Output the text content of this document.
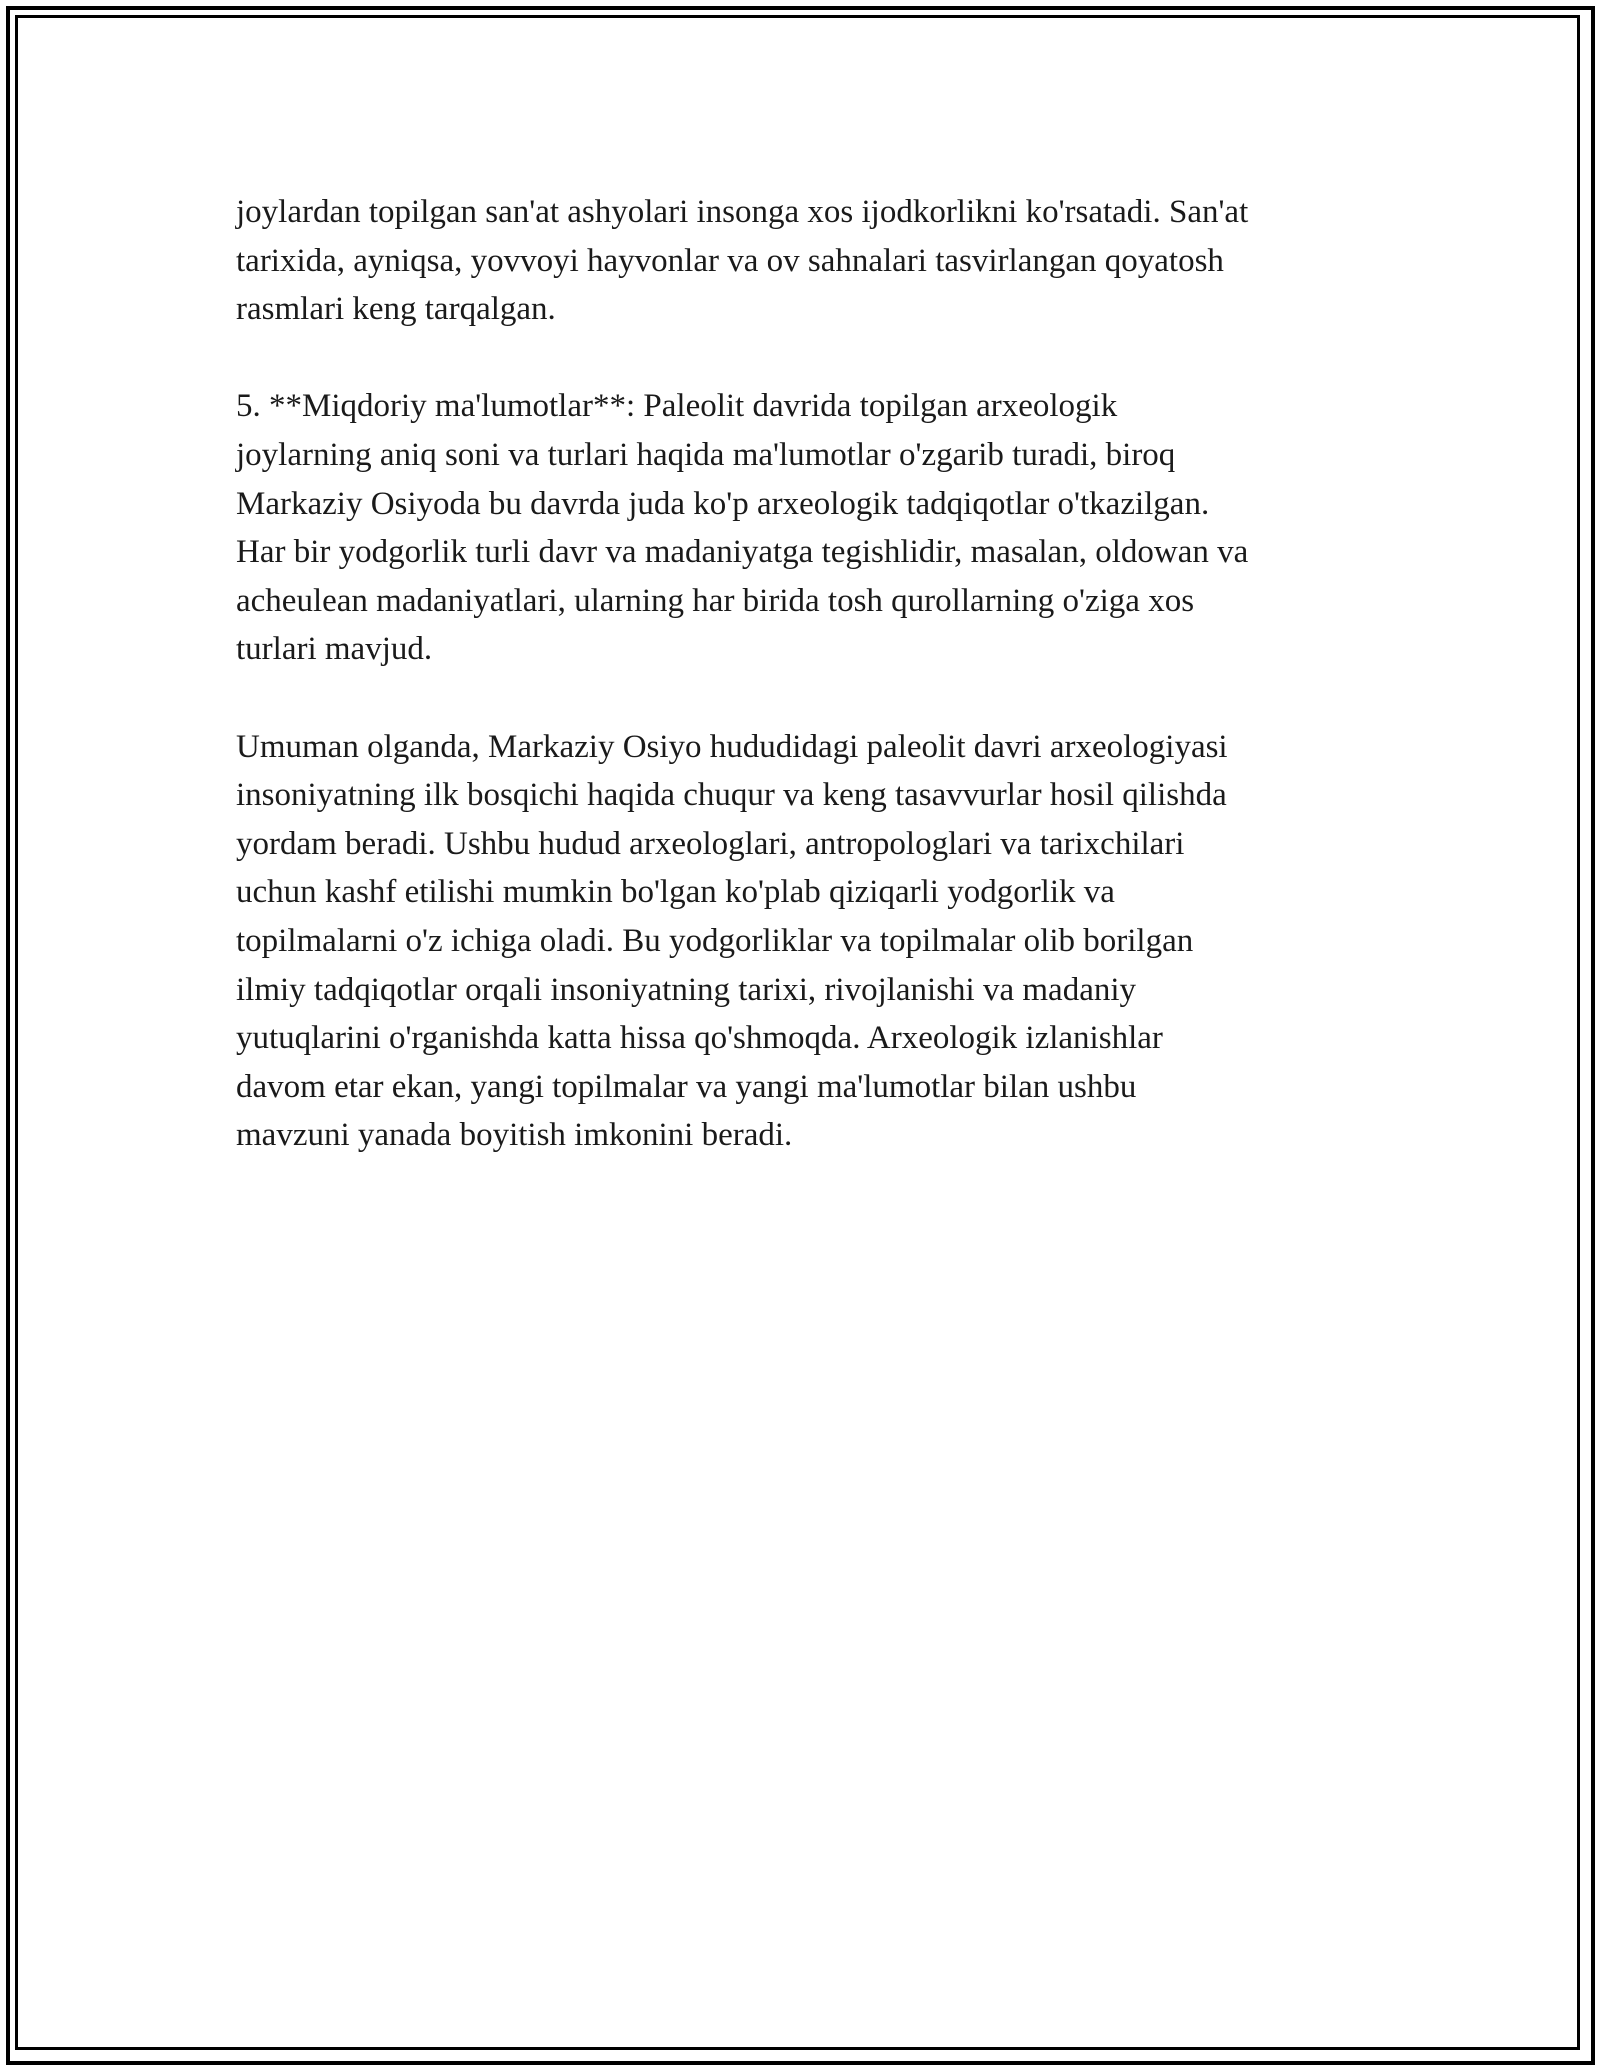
joylardan topilgan san'at ashyolari insonga xos ijodkorlikni ko'rsatadi. San'at
tarixida, ayniqsa, yovvoyi hayvonlar va ov sahnalari tasvirlangan qoyatosh
rasmlari keng tarqalgan.

5. **Miqdoriy ma'lumotlar**: Paleolit davrida topilgan arxeologik
joylarning aniq soni va turlari haqida ma'lumotlar o'zgarib turadi, biroq
Markaziy Osiyoda bu davrda juda ko'p arxeologik tadqiqotlar o'tkazilgan.
Har bir yodgorlik turli davr va madaniyatga tegishlidir, masalan, oldowan va
acheulean madaniyatlari, ularning har birida tosh qurollarning o'ziga xos
turlari mavjud.

Umuman olganda, Markaziy Osiyo hududidagi paleolit davri arxeologiyasi
insoniyatning ilk bosqichi haqida chuqur va keng tasavvurlar hosil qilishda
yordam beradi. Ushbu hudud arxeologlari, antropologlari va tarixchilari
uchun kashf etilishi mumkin bo'lgan ko'plab qiziqarli yodgorlik va
topilmalarni o'z ichiga oladi. Bu yodgorliklar va topilmalar olib borilgan
ilmiy tadqiqotlar orqali insoniyatning tarixi, rivojlanishi va madaniy
yutuqlarini o'rganishda katta hissa qo'shmoqda. Arxeologik izlanishlar
davom etar ekan, yangi topilmalar va yangi ma'lumotlar bilan ushbu
mavzuni yanada boyitish imkonini beradi.
